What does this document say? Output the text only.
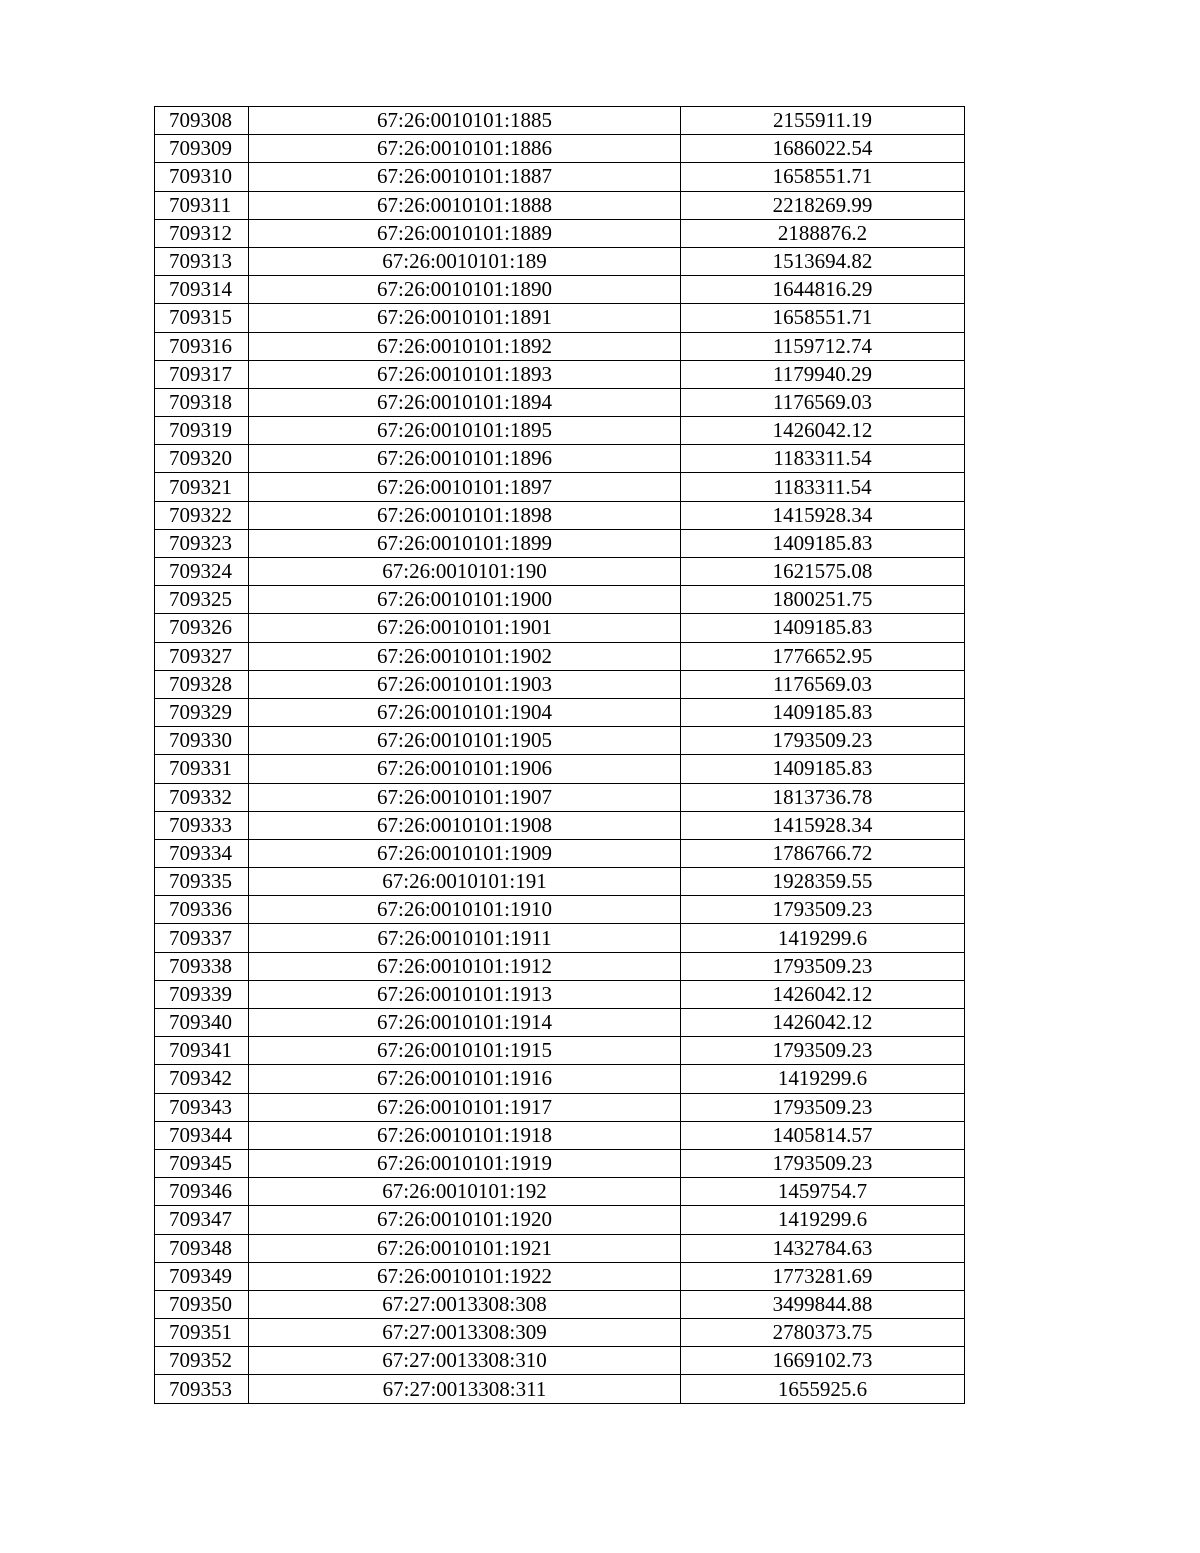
709308	67:26:0010101:1885	2155911.19
709309	67:26:0010101:1886	1686022.54
709310	67:26:0010101:1887	1658551.71
709311	67:26:0010101:1888	2218269.99
709312	67:26:0010101:1889	2188876.2
709313	67:26:0010101:189	1513694.82
709314	67:26:0010101:1890	1644816.29
709315	67:26:0010101:1891	1658551.71
709316	67:26:0010101:1892	1159712.74
709317	67:26:0010101:1893	1179940.29
709318	67:26:0010101:1894	1176569.03
709319	67:26:0010101:1895	1426042.12
709320	67:26:0010101:1896	1183311.54
709321	67:26:0010101:1897	1183311.54
709322	67:26:0010101:1898	1415928.34
709323	67:26:0010101:1899	1409185.83
709324	67:26:0010101:190	1621575.08
709325	67:26:0010101:1900	1800251.75
709326	67:26:0010101:1901	1409185.83
709327	67:26:0010101:1902	1776652.95
709328	67:26:0010101:1903	1176569.03
709329	67:26:0010101:1904	1409185.83
709330	67:26:0010101:1905	1793509.23
709331	67:26:0010101:1906	1409185.83
709332	67:26:0010101:1907	1813736.78
709333	67:26:0010101:1908	1415928.34
709334	67:26:0010101:1909	1786766.72
709335	67:26:0010101:191	1928359.55
709336	67:26:0010101:1910	1793509.23
709337	67:26:0010101:1911	1419299.6
709338	67:26:0010101:1912	1793509.23
709339	67:26:0010101:1913	1426042.12
709340	67:26:0010101:1914	1426042.12
709341	67:26:0010101:1915	1793509.23
709342	67:26:0010101:1916	1419299.6
709343	67:26:0010101:1917	1793509.23
709344	67:26:0010101:1918	1405814.57
709345	67:26:0010101:1919	1793509.23
709346	67:26:0010101:192	1459754.7
709347	67:26:0010101:1920	1419299.6
709348	67:26:0010101:1921	1432784.63
709349	67:26:0010101:1922	1773281.69
709350	67:27:0013308:308	3499844.88
709351	67:27:0013308:309	2780373.75
709352	67:27:0013308:310	1669102.73
709353	67:27:0013308:311	1655925.6
